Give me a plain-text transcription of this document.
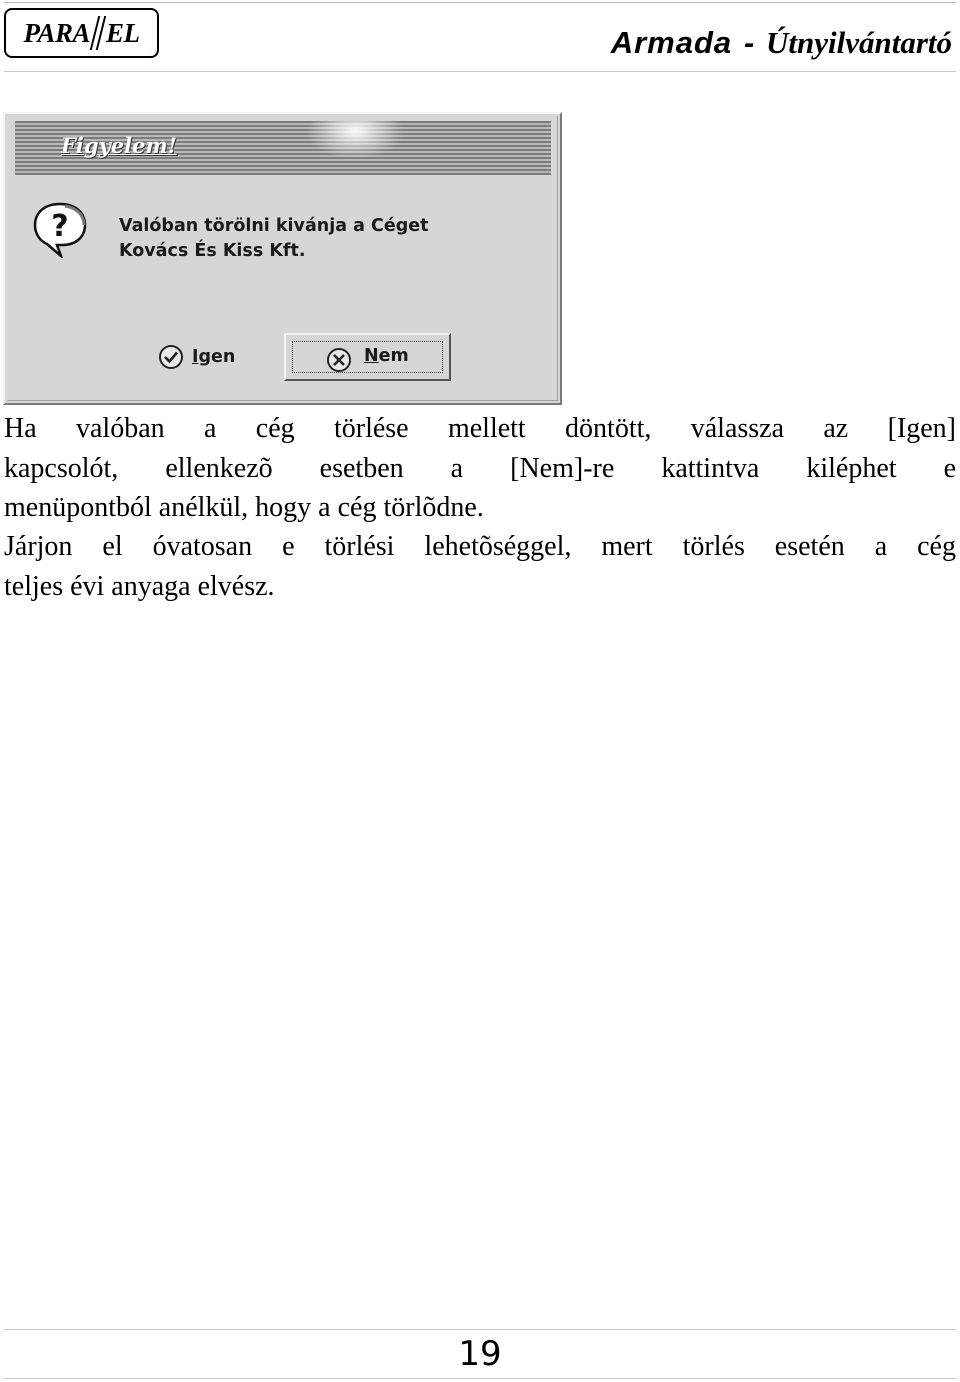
PARA EL	Armada - Útnyilvántartó
Figyelem!
?	Valóban törölni kivánja a Céget
Kovács És Kiss Kft.
I gen	Nem
Ha valóban a cég törlése mellett döntött, válassza az [Igen]
kapcsolót, ellenkezõ esetben a [Nem]-re kattintva kiléphet e
menüpontból anélkül, hogy a cég törlõdne.
Járjon el óvatosan e törlési lehetõséggel, mert törlés esetén a cég
teljes évi anyaga elvész.
19
